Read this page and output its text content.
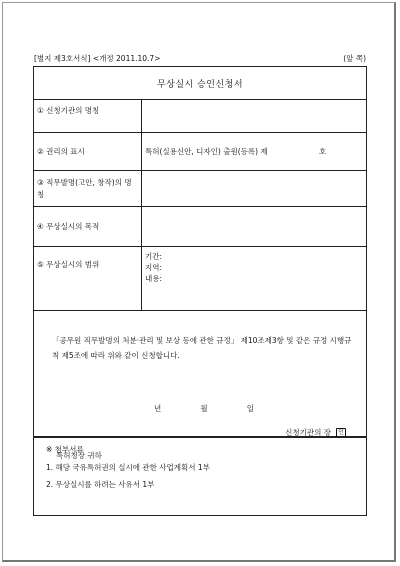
[별지 제3호서식] <개정 2011.10.7>	(앞 쪽)
무상실시 승인신청서
① 신청기관의 명칭
② 권리의 표시	특허(실용신안, 디자인) 출원(등록) 제	호
③ 직무발명(고안, 창작)의 명칭
④ 무상실시의 목적
⑤ 무상실시의 범위
기간:
지역:
내용:
「공무원 직무발명의 처분·관리 및 보상 등에 관한 규정」 제10조제3항 및 같은 규정 시행규칙 제5조에 따라 위와 같이 신청합니다.
년	월	일
신청기관의 장 인
특허청장 귀하
※ 첨부서류
1. 해당 국유특허권의 실시에 관한 사업계획서 1부
2. 무상실시를 하려는 사유서 1부
